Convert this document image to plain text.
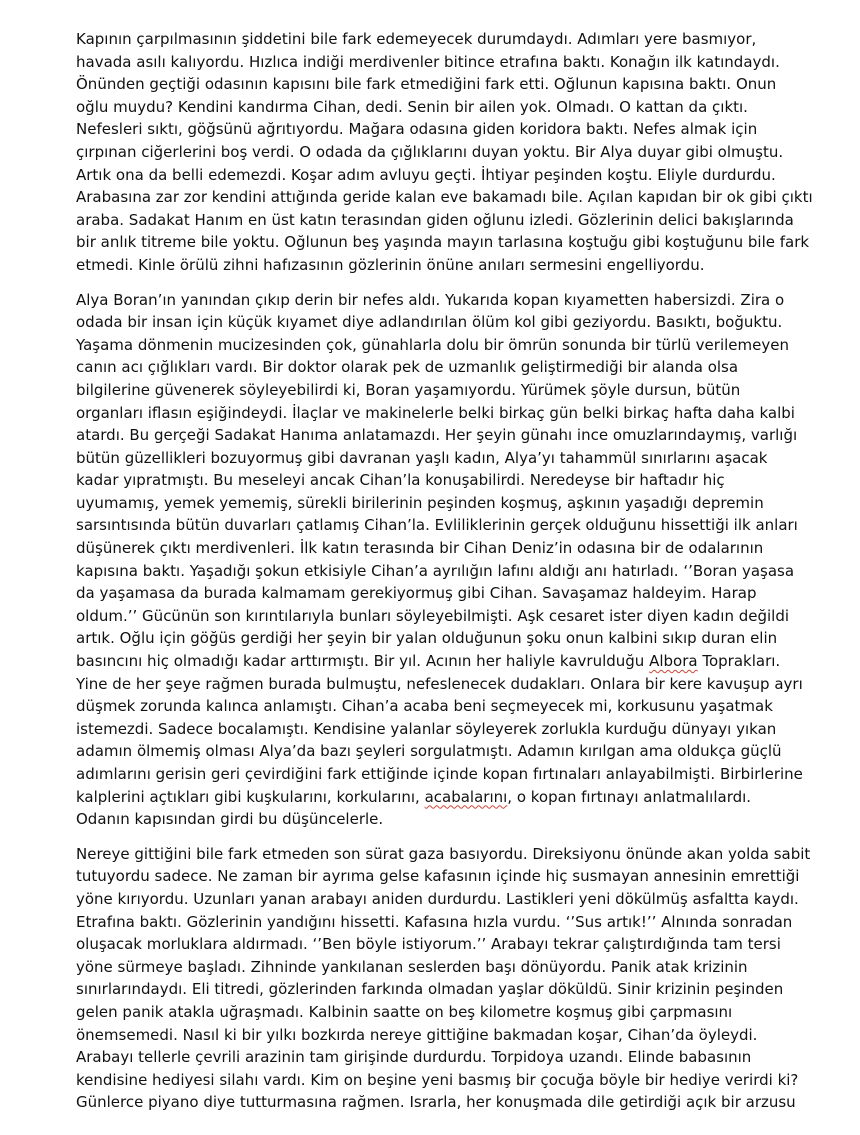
Kapının çarpılmasının şiddetini bile fark edemeyecek durumdaydı. Adımları yere basmıyor,
havada asılı kalıyordu. Hızlıca indiği merdivenler bitince etrafına baktı. Konağın ilk katındaydı.
Önünden geçtiği odasının kapısını bile fark etmediğini fark etti. Oğlunun kapısına baktı. Onun
oğlu muydu? Kendini kandırma Cihan, dedi. Senin bir ailen yok. Olmadı. O kattan da çıktı.
Nefesleri sıktı, göğsünü ağrıtıyordu. Mağara odasına giden koridora baktı. Nefes almak için
çırpınan ciğerlerini boş verdi. O odada da çığlıklarını duyan yoktu. Bir Alya duyar gibi olmuştu.
Artık ona da belli edemezdi. Koşar adım avluyu geçti. İhtiyar peşinden koştu. Eliyle durdurdu.
Arabasına zar zor kendini attığında geride kalan eve bakamadı bile. Açılan kapıdan bir ok gibi çıktı
araba. Sadakat Hanım en üst katın terasından giden oğlunu izledi. Gözlerinin delici bakışlarında
bir anlık titreme bile yoktu. Oğlunun beş yaşında mayın tarlasına koştuğu gibi koştuğunu bile fark
etmedi. Kinle örülü zihni hafızasının gözlerinin önüne anıları sermesini engelliyordu.
Alya Boran’ın yanından çıkıp derin bir nefes aldı. Yukarıda kopan kıyametten habersizdi. Zira o
odada bir insan için küçük kıyamet diye adlandırılan ölüm kol gibi geziyordu. Basıktı, boğuktu.
Yaşama dönmenin mucizesinden çok, günahlarla dolu bir ömrün sonunda bir türlü verilemeyen
canın acı çığlıkları vardı. Bir doktor olarak pek de uzmanlık geliştirmediği bir alanda olsa
bilgilerine güvenerek söyleyebilirdi ki, Boran yaşamıyordu. Yürümek şöyle dursun, bütün
organları iflasın eşiğindeydi. İlaçlar ve makinelerle belki birkaç gün belki birkaç hafta daha kalbi
atardı. Bu gerçeği Sadakat Hanıma anlatamazdı. Her şeyin günahı ince omuzlarındaymış, varlığı
bütün güzellikleri bozuyormuş gibi davranan yaşlı kadın, Alya’yı tahammül sınırlarını aşacak
kadar yıpratmıştı. Bu meseleyi ancak Cihan’la konuşabilirdi. Neredeyse bir haftadır hiç
uyumamış, yemek yememiş, sürekli birilerinin peşinden koşmuş, aşkının yaşadığı depremin
sarsıntısında bütün duvarları çatlamış Cihan’la. Evliliklerinin gerçek olduğunu hissettiği ilk anları
düşünerek çıktı merdivenleri. İlk katın terasında bir Cihan Deniz’in odasına bir de odalarının
kapısına baktı. Yaşadığı şokun etkisiyle Cihan’a ayrılığın lafını aldığı anı hatırladı. ‘’Boran yaşasa
da yaşamasa da burada kalmamam gerekiyormuş gibi Cihan. Savaşamaz haldeyim. Harap
oldum.’’ Gücünün son kırıntılarıyla bunları söyleyebilmişti. Aşk cesaret ister diyen kadın değildi
artık. Oğlu için göğüs gerdiği her şeyin bir yalan olduğunun şoku onun kalbini sıkıp duran elin
basıncını hiç olmadığı kadar arttırmıştı. Bir yıl. Acının her haliyle kavrulduğu Albora Toprakları.
Yine de her şeye rağmen burada bulmuştu, nefeslenecek dudakları. Onlara bir kere kavuşup ayrı
düşmek zorunda kalınca anlamıştı. Cihan’a acaba beni seçmeyecek mi, korkusunu yaşatmak
istemezdi. Sadece bocalamıştı. Kendisine yalanlar söyleyerek zorlukla kurduğu dünyayı yıkan
adamın ölmemiş olması Alya’da bazı şeyleri sorgulatmıştı. Adamın kırılgan ama oldukça güçlü
adımlarını gerisin geri çevirdiğini fark ettiğinde içinde kopan fırtınaları anlayabilmişti. Birbirlerine
kalplerini açtıkları gibi kuşkularını, korkularını, acabalarını, o kopan fırtınayı anlatmalılardı.
Odanın kapısından girdi bu düşüncelerle.
Nereye gittiğini bile fark etmeden son sürat gaza basıyordu. Direksiyonu önünde akan yolda sabit
tutuyordu sadece. Ne zaman bir ayrıma gelse kafasının içinde hiç susmayan annesinin emrettiği
yöne kırıyordu. Uzunları yanan arabayı aniden durdurdu. Lastikleri yeni dökülmüş asfaltta kaydı.
Etrafına baktı. Gözlerinin yandığını hissetti. Kafasına hızla vurdu. ‘’Sus artık!’’ Alnında sonradan
oluşacak morluklara aldırmadı. ‘’Ben böyle istiyorum.’’ Arabayı tekrar çalıştırdığında tam tersi
yöne sürmeye başladı. Zihninde yankılanan seslerden başı dönüyordu. Panik atak krizinin
sınırlarındaydı. Eli titredi, gözlerinden farkında olmadan yaşlar döküldü. Sinir krizinin peşinden
gelen panik atakla uğraşmadı. Kalbinin saatte on beş kilometre koşmuş gibi çarpmasını
önemsemedi. Nasıl ki bir yılkı bozkırda nereye gittiğine bakmadan koşar, Cihan’da öyleydi.
Arabayı tellerle çevrili arazinin tam girişinde durdurdu. Torpidoya uzandı. Elinde babasının
kendisine hediyesi silahı vardı. Kim on beşine yeni basmış bir çocuğa böyle bir hediye verirdi ki?
Günlerce piyano diye tutturmasına rağmen. Israrla, her konuşmada dile getirdiği açık bir arzusu
